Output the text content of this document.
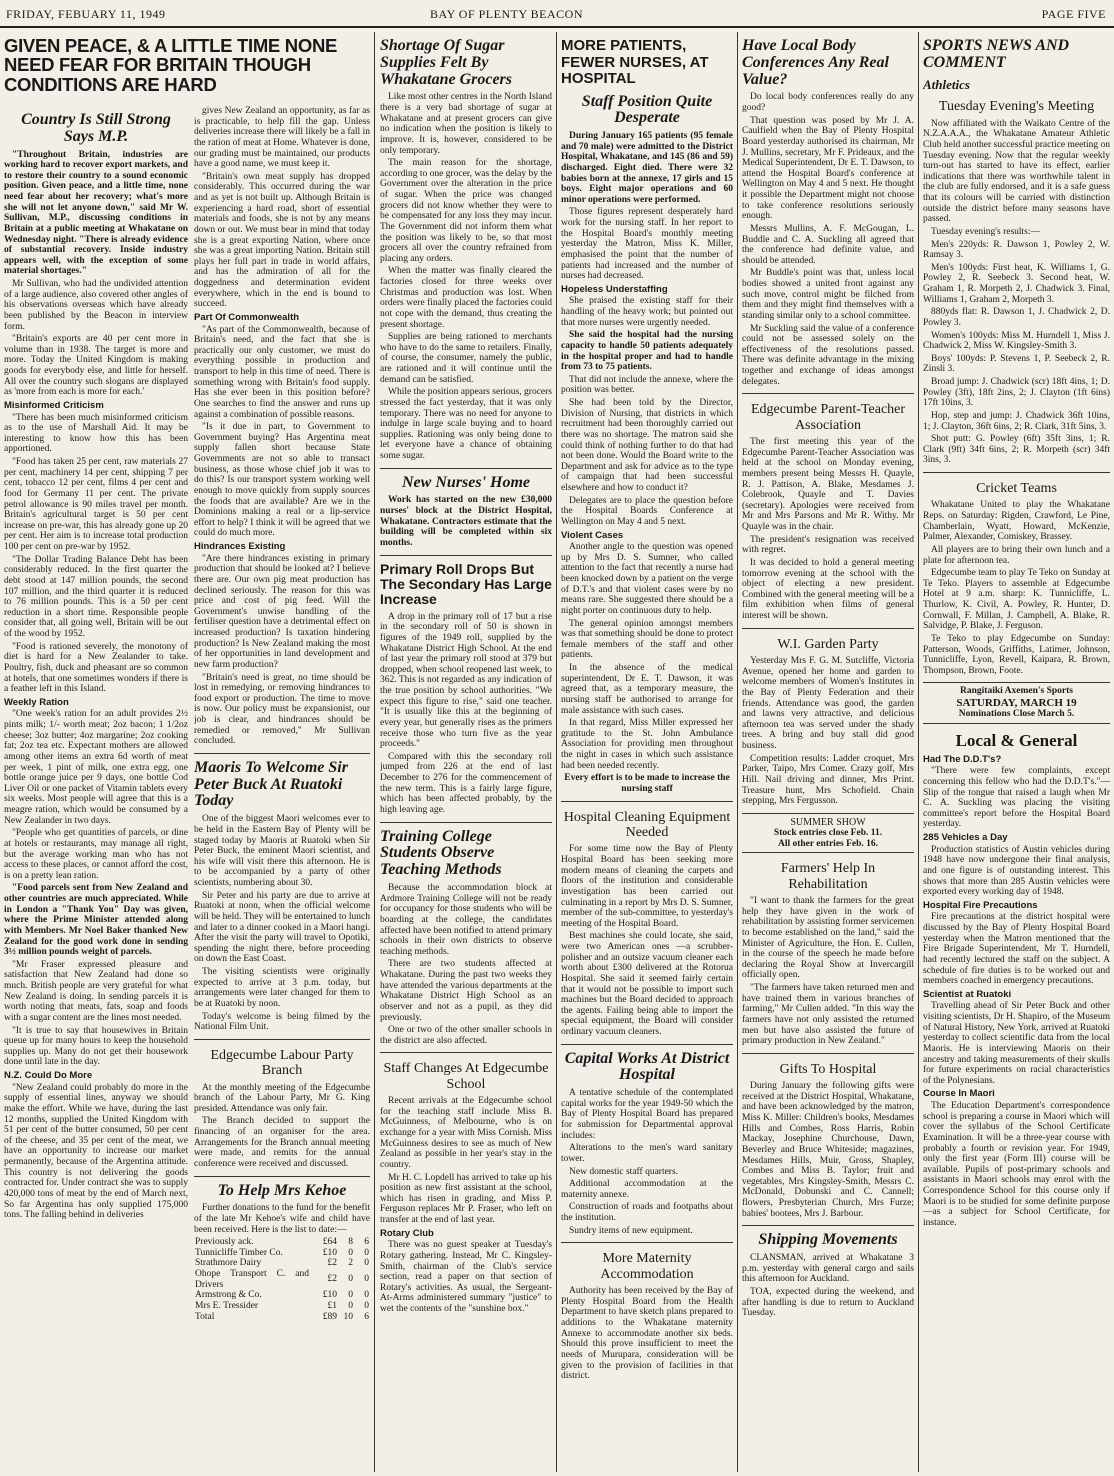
FRIDAY, FEBUARY 11, 1949	BAY OF PLENTY BEACON	PAGE FIVE
GIVEN PEACE, & A LITTLE TIME NONE NEED FEAR FOR BRITAIN THOUGH CONDITIONS ARE HARD
Country Is Still Strong Says M.P.

"Throughout Britain, industries are working hard to recover export markets, and to restore their country to a sound economic position. Given peace, and a little time, none need fear about her recovery; what's more she will not let anyone down," said Mr W. Sullivan, M.P., discussing conditions in Britain at a public meeting at Whakatane on Wednesday night. "There is already evidence of substantial recovery. Inside industry appears well, with the exception of some material shortages."

Mr Sullivan, who had the undivided attention of a large audience, also covered other angles of his observations overseas which have already been published by the Beacon in interview form.

"Britain's exports are 40 per cent more in volume than in 1938. The target is more and more. Today the United Kingdom is making goods for everybody else, and little for herself. All over the country such slogans are displayed as 'more from each is more for each.'

Misinformed Criticism

"There has been much misinformed criticism as to the use of Marshall Aid. It may be interesting to know how this has been apportioned.

"Food has taken 25 per cent, raw materials 27 per cent, machinery 14 per cent, shipping 7 per cent, tobacco 12 per cent, films 4 per cent and food for Germany 11 per cent. The private petrol allowance is 90 miles travel per month. Britain's agricultural target is 50 per cent increase on pre-war, this has already gone up 20 per cent. Her aim is to increase total production 100 per cent on pre-war by 1952.

"The Dollar Trading Balance Debt has been considerably reduced. In the first quarter the debt stood at 147 million pounds, the second 107 million, and the third quarter it is reduced to 76 million pounds. This is a 50 per cent reduction in a short time. Responsible people consider that, all going well, Britain will be out of the wood by 1952.

"Food is rationed severely, the monotony of diet is hard for a New Zealander to take. Poultry, fish, duck and pheasant are so common at hotels, that one sometimes wonders if there is a feather left in this Island.

Weekly Ration

"One week's ration for an adult provides 2½ pints milk; 1/- worth meat; 2oz bacon; 1 1/2oz cheese; 3oz butter; 4oz margarine; 2oz cooking fat; 2oz tea etc. Expectant mothers are allowed among other items an extra 6d worth of meat per week, 1 pint of milk, one extra egg, one bottle orange juice per 9 days, one bottle Cod Liver Oil or one packet of Vitamin tablets every six weeks. Most people will agree that this is a meagre ration, which would be consumed by a New Zealander in two days.

"People who get quantities of parcels, or dine at hotels or restaurants, may manage all right, but the average working man who has not access to these places, or cannot afford the cost, is on a pretty lean ration.

"Food parcels sent from New Zealand and other countries are much appreciated. While in London a "Thank You" Day was given, where the Prime Minister attended along with Members. Mr Noel Baker thanked New Zealand for the good work done in sending 3½ million pounds weight of parcels.

"Mr Fraser expressed pleasure and satisfaction that New Zealand had done so much. British people are very grateful for what New Zealand is doing. In sending parcels it is worth noting that meats, fats, soap and foods with a sugar content are the lines most needed.

"It is true to say that housewives in Britain queue up for many hours to keep the household supplies up. Many do not get their housework done until late in the day.

N.Z. Could Do More

"New Zealand could probably do more in the supply of essential lines, anyway we should make the effort. While we have, during the last 12 months, supplied the United Kingdom with 51 per cent of the butter consumed, 50 per cent of the cheese, and 35 per cent of the meat, we have an opportunity to increase our market permanently, because of the Argentina attitude. This country is not delivering the goods contracted for. Under contract she was to supply 420,000 tons of meat by the end of March next, So far Argentina has only supplied 175,000 tons. The falling behind in deliveries

gives New Zealand an opportunity, as far as is practicable, to help fill the gap. Unless deliveries increase there will likely be a fall in the ration of meat at Home. Whatever is done, our grading must be maintained, our products have a good name, we must keep it.

"Britain's own meat supply has dropped considerably. This occurred during the war and as yet is not built up. Although Britain is experiencing a hard road, short of essential materials and foods, she is not by any means down or out. We must bear in mind that today she is a great exporting Nation, where once she was a great importing Nation. Britain still plays her full part in trade in world affairs, and has the admiration of all for the doggedness and determination evident everywhere, which in the end is bound to succeed.

Part Of Commonwealth

"As part of the Commonwealth, because of Britain's need, and the fact that she is practically our only customer, we must do everything possible in production and transport to help in this time of need. There is something wrong with Britain's food supply. Has she ever been in this position before? One searches to find the answer and runs up against a combination of possible reasons.

"Is it due in part, to Government to Government buying? Has Argentina meat supply fallen short because State Governments are not so able to transact business, as those whose chief job it was to do this? Is our transport system working well enough to move quickly from supply sources the foods that are available? Are we in the Dominions making a real or a lip-service effort to help? I think it will be agreed that we could do much more.

Hindrances Existing

"Are there hindrances existing in primary production that should be looked at? I believe there are. Our own pig meat production has declined seriously. The reason for this was price and cost of pig feed. Will the Government's unwise handling of the fertiliser question have a detrimental effect on increased production? Is taxation hindering production? Is New Zealand making the most of her opportunities in land development and new farm production?

"Britain's need is great, no time should be lost in remedying, or removing hindrances to food export or production. The time to move is now. Our policy must be expansionist, our job is clear, and hindrances should be remedied or removed," Mr Sullivan concluded.

Maoris To Welcome Sir Peter Buck At Ruatoki Today

One of the biggest Maori welcomes ever to be held in the Eastern Bay of Plenty will be staged today by Maoris at Ruatoki when Sir Peter Buck, the eminent Maori scientist, and his wife will visit there this afternoon. He is to be accompanied by a party of other scientists, numbering about 30.

Sir Peter and his party are due to arrive at Ruatoki at noon, when the official welcome will be held. They will be entertained to lunch and later to a dinner cooked in a Maori hangi. After the visit the party will travel to Opotiki, spending the night there, before proceeding on down the East Coast.

The visiting scientists were originally expected to arrive at 3 p.m. today, but arrangements were later changed for them to be at Ruatoki by noon.

Today's welcome is being filmed by the National Film Unit.

Edgecumbe Labour Party Branch

At the monthly meeting of the Edgecumbe branch of the Labour Party, Mr G. King presided. Attendance was only fair.

The Branch decided to support the financing of an organiser for the area. Arrangements for the Branch annual meeting were made, and remits for the annual conference were received and discussed.

To Help Mrs Kehoe

Further donations to the fund for the benefit of the late Mr Kehoe's wife and child have been received. Here is the list to date:—

Previously ack.	£64	8	6
Tunnicliffe Timber Co.	£10	0	0
Strathmore Dairy	£2	2	0
Ohope Transport C. and Drivers	£2	0	0
Armstrong & Co.	£10	0	0
Mrs E. Tressider	£1	0	0
Total	£89	10	6
Shortage Of Sugar Supplies Felt By Whakatane Grocers

Like most other centres in the North Island there is a very bad shortage of sugar at Whakatane and at present grocers can give no indication when the position is likely to improve. It is, however, considered to be only temporary.

The main reason for the shortage, according to one grocer, was the delay by the Government over the alteration in the price of sugar. When the price was changed grocers did not know whether they were to be compensated for any loss they may incur. The Government did not inform them what the position was likely to be, so that most grocers all over the country refrained from placing any orders.

When the matter was finally cleared the factories closed for three weeks over Christmas and production was lost. When orders were finally placed the factories could not cope with the demand, thus creating the present shortage.

Supplies are being rationed to merchants who have to do the same to retailers. Finally, of course, the consumer, namely the public, are rationed and it will continue until the demand can be satisfied.

While the position appears serious, grocers stressed the fact yesterday, that it was only temporary. There was no need for anyone to indulge in large scale buying and to hoard supplies. Rationing was only being done to let everyone have a chance of obtaining some sugar.

New Nurses' Home

Work has started on the new £30,000 nurses' block at the District Hospital, Whakatane. Contractors estimate that the building will be completed within six months.

Primary Roll Drops But The Secondary Has Large Increase

A drop in the primary roll of 17 but a rise in the secondary roll of 50 is shown in figures of the 1949 roll, supplied by the Whakatane District High School. At the end of last year the primary roll stood at 379 but dropped, when school reopened last week, to 362. This is not regarded as any indication of the true position by school authorities. "We expect this figure to rise," said one teacher. "It is usually like this at the beginning of every year, but generally rises as the primers receive those who turn five as the year proceeds."

Compared with this the secondary roll jumped from 226 at the end of last December to 276 for the commencement of the new term. This is a fairly large figure, which has been affected probably, by the high leaving age.

Training College Students Observe Teaching Methods

Because the accommodation block at Ardmore Training College will not be ready for occupancy for those students who will be boarding at the college, the candidates affected have been notified to attend primary schools in their own districts to observe teaching methods.

There are two students affected at Whakatane. During the past two weeks they have attended the various departments at the Whakatane District High School as an observer and not as a pupil, as they did previously.

One or two of the other smaller schools in the district are also affected.

Staff Changes At Edgecumbe School

Recent arrivals at the Edgecumbe school for the teaching staff include Miss B. McGuinness, of Melbourne, who is on exchange for a year with Miss Cornish. Miss McGuinness desires to see as much of New Zealand as possible in her year's stay in the country.

Mr H. C. Lopdell has arrived to take up his position as new first assistant at the school, which has risen in grading, and Miss P. Ferguson replaces Mr P. Fraser, who left on transfer at the end of last year.

Rotary Club

There was no guest speaker at Tuesday's Rotary gathering. Instead, Mr C. Kingsley-Smith, chairman of the Club's service section, read a paper on that section of Rotary's activities. As usual, the Sergeant-At-Arms administered summary "justice" to wet the contents of the "sunshine box."

MORE PATIENTS, FEWER NURSES, AT HOSPITAL
Staff Position Quite Desperate

During January 165 patients (95 female and 70 male) were admitted to the District Hospital, Whakatane, and 145 (86 and 59) discharged. Eight died. There were 32 babies born at the annexe, 17 girls and 15 boys. Eight major operations and 60 minor operations were performed.

Those figures represent desperately hard work for the nursing staff. In her report to the Hospital Board's monthly meeting yesterday the Matron, Miss K. Miller, emphasised the point that the number of patients had increased and the number of nurses had decreased.

Hopeless Understaffing

She praised the existing staff for their handling of the heavy work; but pointed out that more nurses were urgently needed.

She said the hospital had the nursing capacity to handle 50 patients adequately in the hospital proper and had to handle from 73 to 75 patients.

That did not include the annexe, where the position was better.

She had been told by the Director, Division of Nursing, that districts in which recruitment had been thoroughly carried out there was no shortage. The matron said she could think of nothing further to do that had not been done. Would the Board write to the Department and ask for advice as to the type of campaign that had been successful elsewhere and how to conduct it?

Delegates are to place the question before the Hospital Boards Conference at Wellington on May 4 and 5 next.

Violent Cases

Another angle to the question was opened up by Mrs D. S. Sumner, who called attention to the fact that recently a nurse had been knocked down by a patient on the verge of D.T.'s and that violent cases were by no means rare. She suggested there should be a night porter on continuous duty to help.

The general opinion amongst members was that something should be done to protect female members of the staff and other patients.

In the absence of the medical superintendent, Dr E. T. Dawson, it was agreed that, as a temporary measure, the nursing staff be authorised to arrange for male assistance with such cases.

In that regard, Miss Miller expressed her gratitude to the St. John Ambulance Association for providing men throughout the night in cases in which such assistance had been needed recently.

Every effort is to be made to increase the nursing staff

Hospital Cleaning Equipment Needed

For some time now the Bay of Plenty Hospital Board has been seeking more modern means of cleaning the carpets and floors of the institution and considerable investigation has been carried out culminating in a report by Mrs D. S. Sumner, member of the sub-committee, to yesterday's meeting of the Hospital Board.

Best machines she could locate, she said, were two American ones —a scrubber-polisher and an outsize vacuum cleaner each worth about £300 delivered at the Rotorua Hospital. She said it seemed fairly certain that it would not be possible to import such machines but the Board decided to approach the agents. Failing being able to import the special equipment, the Board will consider ordinary vacuum cleaners.

Capital Works At District Hospital

A tentative schedule of the contemplated capital works for the year 1949-50 which the Bay of Plenty Hospital Board has prepared for submission for Departmental approval includes:

Alterations to the men's ward sanitary tower.

New domestic staff quarters.

Additional accommodation at the maternity annexe.

Construction of roads and footpaths about the institution.

Sundry items of new equipment.

More Maternity Accommodation

Authority has been received by the Bay of Plenty Hospital Board from the Health Department to have sketch plans prepared to additions to the Whakatane maternity Annexe to accommodate another six beds. Should this prove insufficient to meet the needs of Murupara, consideration will be given to the provision of facilities in that district.

Have Local Body Conferences Any Real Value?

Do local body conferences really do any good?

That question was posed by Mr J. A. Caulfield when the Bay of Plenty Hospital Board yesterday authorised its chairman, Mr J. Mullins, secretary, Mr F. Prideaux, and the Medical Superintendent, Dr E. T. Dawson, to attend the Hospital Board's conference at Wellington on May 4 and 5 next. He thought it possible the Department might not choose to take conference resolutions seriously enough.

Messrs Mullins, A. F. McGougan, L. Buddle and C. A. Suckling all agreed that the conference had definite value, and should be attended.

Mr Buddle's point was that, unless local bodies showed a united front against any such move, control might be filched from them and they might find themselves with a standing similar only to a school committee.

Mr Suckling said the value of a conference could not be assessed solely on the effectiveness of the resolutions passed. There was definite advantage in the mixing together and exchange of ideas amongst delegates.

Edgecumbe Parent-Teacher Association

The first meeting this year of the Edgecumbe Parent-Teacher Association was held at the school on Monday evening, members present being Messrs H. Quayle, R. J. Pattison, A. Blake, Mesdames J. Colebrook, Quayle and T. Davies (secretary). Apologies were received from Mr and Mrs Parsons and Mr R. Withy. Mr Quayle was in the chair.

The president's resignation was received with regret.

It was decided to hold a general meeting tomorrow evening at the school with the object of electing a new president. Combined with the general meeting will be a film exhibition when films of general interest will be shown.

W.I. Garden Party

Yesterday Mrs F. G. M. Sutcliffe, Victoria Avenue, opened her home and garden to welcome members of Women's Institutes in the Bay of Plenty Federation and their friends. Attendance was good, the garden and lawns very attractive, and delicious afternoon tea was served under the shady trees. A bring and buy stall did good business.

Competition results: Ladder croquet, Mrs Parker, Taipo, Mrs Comer. Crazy golf, Mrs Hill. Nail driving and dinner, Mrs Print. Treasure hunt, Mrs Schofield. Chain stepping, Mrs Fergusson.

SUMMER SHOW
Stock entries close Feb. 11.
All other entries Feb. 16.
Farmers' Help In Rehabilitation

"I want to thank the farmers for the great help they have given in the work of rehabilitation by assisting former servicemen to become established on the land," said the Minister of Agriculture, the Hon. E. Cullen, in the course of the speech he made before declaring the Royal Show at Invercargill officially open.

"The farmers have taken returned men and have trained them in various branches of farming," Mr Cullen added. "In this way the farmers have not only assisted the returned men but have also assisted the future of primary production in New Zealand."

Gifts To Hospital

During January the following gifts were received at the District Hospital, Whakatane, and have been acknowledged by the matron, Miss K. Miller: Children's books, Mesdames Hills and Combes, Ross Harris, Robin Mackay, Josephine Churchouse, Dawn, Beverley and Bruce Whiteside; magazines, Mesdames Hills, Muir, Gross, Shapley, Combes and Miss B. Taylor; fruit and vegetables, Mrs Kingsley-Smith, Messrs C. McDonald, Dobunski and C. Cannell; flowers, Presbyterian Church, Mrs Furze; babies' bootees, Mrs J. Barbour.

Shipping Movements

CLANSMAN, arrived at Whakatane 3 p.m. yesterday with general cargo and sails this afternoon for Auckland.

TOA, expected during the weekend, and after handling is due to return to Auckland Tuesday.

SPORTS NEWS AND COMMENT
Athletics
Tuesday Evening's Meeting

Now affiliated with the Waikato Centre of the N.Z.A.A.A., the Whakatane Amateur Athletic Club held another successful practice meeting on Tuesday evening. Now that the regular weekly turn-out has started to have its effect, earlier indications that there was worthwhile talent in the club are fully endorsed, and it is a safe guess that its colours will be carried with distinction outside the district before many seasons have passed.

Tuesday evening's results:—

Men's 220yds: R. Dawson 1, Powley 2, W. Ramsay 3.

Men's 100yds: First heat, K. Williams 1, G. Powley 2, R. Seebeck 3. Second heat, W. Graham 1, R. Morpeth 2, J. Chadwick 3. Final, Williams 1, Graham 2, Morpeth 3.

880yds flat: R. Dawson 1, J. Chadwick 2, D. Powley 3.

Women's 100yds: Miss M. Hurndell 1, Miss J. Chadwick 2, Miss W. Kingsley-Smith 3.

Boys' 100yds: P. Stevens 1, P. Seebeck 2, R. Zinsli 3.

Broad jump: J. Chadwick (scr) 18ft 4ins, 1; D. Powley (3ft), 18ft 2ins, 2; J. Clayton (1ft 6ins) 17ft 10ins, 3.

Hop, step and jump: J. Chadwick 36ft 10ins, 1; J. Clayton, 36ft 6ins, 2; R. Clark, 31ft 5ins, 3.

Shot putt: G. Powley (6ft) 35ft 3ins, 1; R. Clark (9ft) 34ft 6ins, 2; R. Morpeth (scr) 34ft 3ins, 3.

Cricket Teams

Whakatane United to play the Whakatane Reps. on Saturday: Rigden, Crawford, Le Pine, Chamberlain, Wyatt, Howard, McKenzie, Palmer, Alexander, Comiskey, Brassey.

All players are to bring their own lunch and a plate for afternoon tea.

Edgecumbe team to play Te Teko on Sunday at Te Teko. Players to assemble at Edgecumbe Hotel at 9 a.m. sharp: K. Tunnicliffe, L. Thurlow, K. Civil, A. Powley, R. Hunter, D. Cornwall, F. Millan, J. Campbell, A. Blake, R. Salvidge, P. Blake, J. Ferguson.

Te Teko to play Edgecumbe on Sunday: Patterson, Woods, Griffiths, Latimer, Johnson, Tunnicliffe, Lyon, Revell, Kaipara, R. Brown, Thompson, Brown, Foote.

Rangitaiki Axemen's Sports
SATURDAY, MARCH 19
Nominations Close March 5.
Local & General
Had The D.D.T's?

"There were few complaints, except concerning this fellow who had the D.D.T's."—Slip of the tongue that raised a laugh when Mr C. A. Suckling was placing the visiting committee's report before the Hospital Board yesterday.

285 Vehicles a Day

Production statistics of Austin vehicles during 1948 have now undergone their final analysis, and one figure is of outstanding interest. This shows that more than 285 Austin vehicles were exported every working day of 1948.

Hospital Fire Precautions

Fire precautions at the district hospital were discussed by the Bay of Plenty Hospital Board yesterday when the Matron mentioned that the Fire Brigade Superintendent, Mr T. Hurndell, had recently lectured the staff on the subject. A schedule of fire duties is to be worked out and members coached in emergency precautions.

Scientist at Ruatoki

Travelling ahead of Sir Peter Buck and other visiting scientists, Dr H. Shapiro, of the Museum of Natural History, New York, arrived at Ruatoki yesterday to collect scientific data from the local Maoris. He is interviewing Maoris on their ancestry and taking measurements of their skulls for future experiments on racial characteristics of the Polynesians.

Course In Maori

The Education Department's correspondence school is preparing a course in Maori which will cover the syllabus of the School Certificate Examination. It will be a three-year course with probably a fourth or revision year. For 1949, only the first year (Form III) course will be available. Pupils of post-primary schools and assistants in Maori schools may enrol with the Correspondence School for this course only if Maori is to be studied for some definite purpose—as a subject for School Certificate, for instance.
